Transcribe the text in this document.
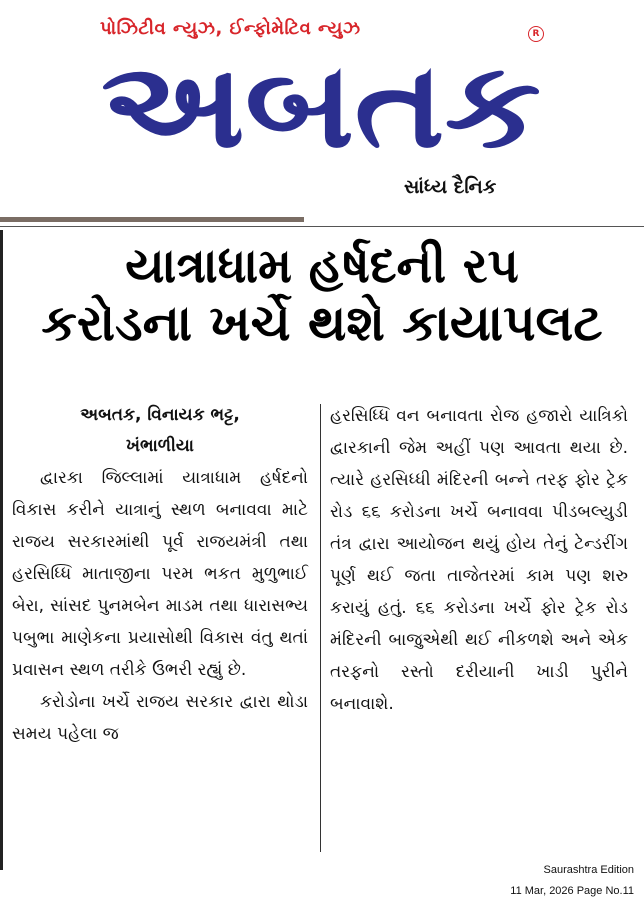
પોઝિટીવ ન્યુઝ, ઈન્ફોમેટિવ ન્યુઝ	R
અબતક
સાંધ્ય દૈનિક
યાત્રાધામ હર્ષદની રપ
કરોડના ખર્ચે થશે કાયાપલટ
અબતક, વિનાયક ભટ્ટ,
ખંભાળીયા
દ્વારકા જિલ્લામાં યાત્રાધામ હર્ષદનો વિકાસ કરીને યાત્રાનું સ્થળ બનાવવા માટે રાજય સરકારમાંથી પૂર્વ રાજયમંત્રી તથા હરસિધ્ધિ માતાજીના પરમ ભકત મુળુભાઈ બેરા, સાંસદ પુનમબેન માડમ તથા ધારાસભ્ય પબુભા માણેકના પ્રયાસોથી વિકાસ વંતુ થતાં પ્રવાસન સ્થળ તરીકે ઉભરી રહ્યું છે.
કરોડોના ખર્ચે રાજય સરકાર દ્વારા થોડા સમય પહેલા જ
હરસિધ્ધિ વન બનાવતા રોજ હજારો યાત્રિકો દ્વારકાની જેમ અહીં પણ આવતા થયા છે. ત્યારે હરસિધ્ધી મંદિરની બન્ને તરફ ફોર ટ્રેક રોડ ૬૬ કરોડના ખર્ચે બનાવવા પીડબલ્યુડી તંત્ર દ્વારા આયોજન થયું હોય તેનું ટેન્ડરીંગ પૂર્ણ થઈ જતા તાજેતરમાં કામ પણ શરુ કરાયું હતું. ૬૬ કરોડના ખર્ચે ફોર ટ્રેક રોડ મંદિરની બાજુએથી થઈ નીકળશે અને એક તરફનો રસ્તો દરીયાની ખાડી પુરીને બનાવાશે.
Saurashtra Edition
11 Mar, 2026 Page No.11
